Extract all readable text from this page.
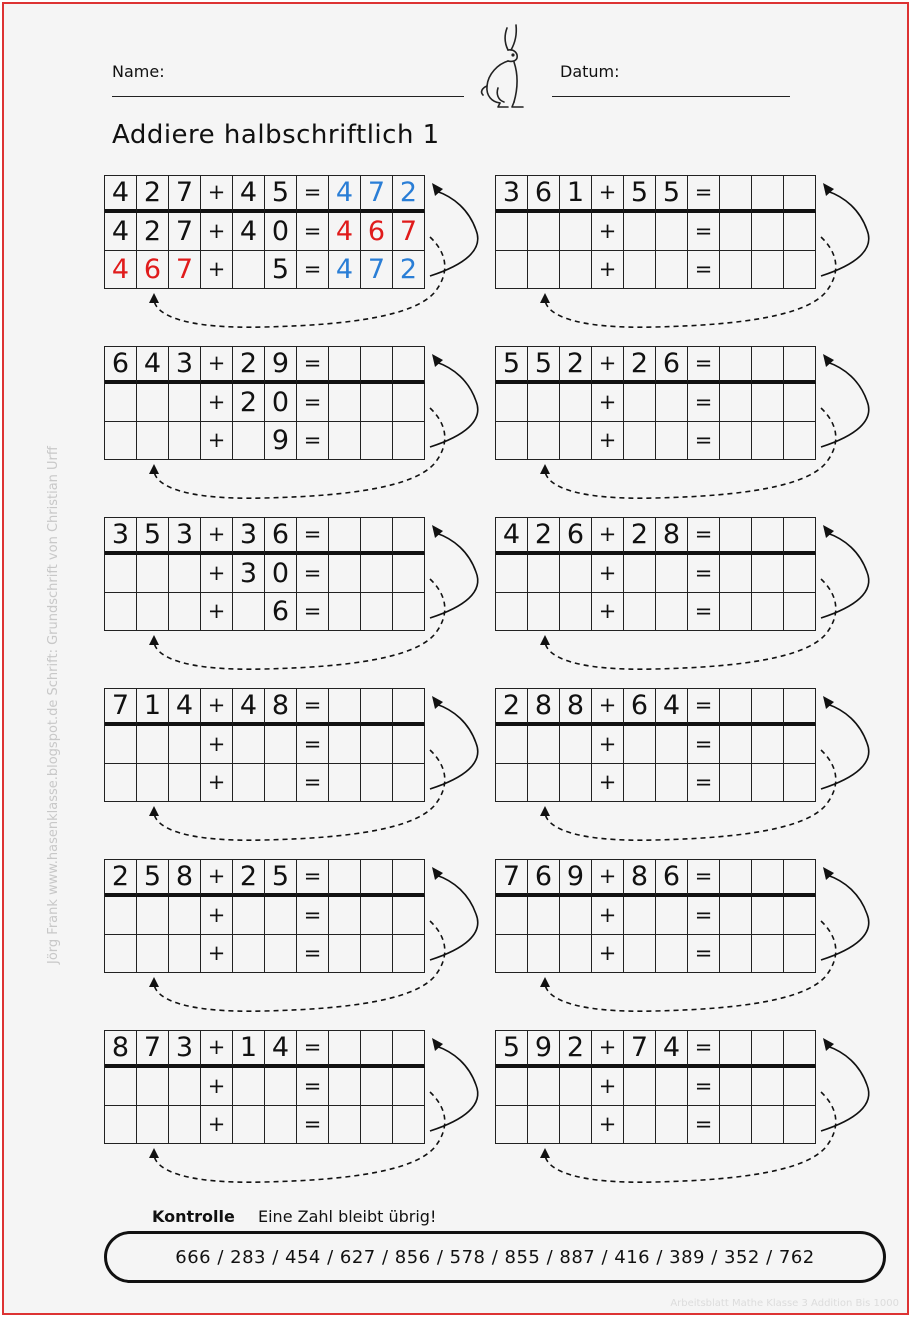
Name:	Datum:
Addiere halbschriftlich 1
Jörg Frank www.hasenklasse.blogspot.de Schrift: Grundschrift von Christian Urff
4 2 7 + 4 5 = 4 7 2
4 2 7 + 4 0 = 4 6 7
4 6 7 + 5 = 4 7 2
3 6 1 + 5 5 =
+	=
+	=
6 4 3 + 2 9 =
+ 2 0 =
+ 9 =
5 5 2 + 2 6 =
+	=
+	=
3 5 3 + 3 6 =
+ 3 0 =
+ 6 =
4 2 6 + 2 8 =
+	=
+	=
7 1 4 + 4 8 =
+	=
+	=
2 8 8 + 6 4 =
+	=
+	=
2 5 8 + 2 5 =
+	=
+	=
7 6 9 + 8 6 =
+	=
+	=
8 7 3 + 1 4 =
+	=
+	=
5 9 2 + 7 4 =
+	=
+	=
Kontrolle Eine Zahl bleibt übrig!
666 / 283 / 454 / 627 / 856 / 578 / 855 / 887 / 416 / 389 / 352 / 762
Arbeitsblatt Mathe Klasse 3 Addition Bis 1000
